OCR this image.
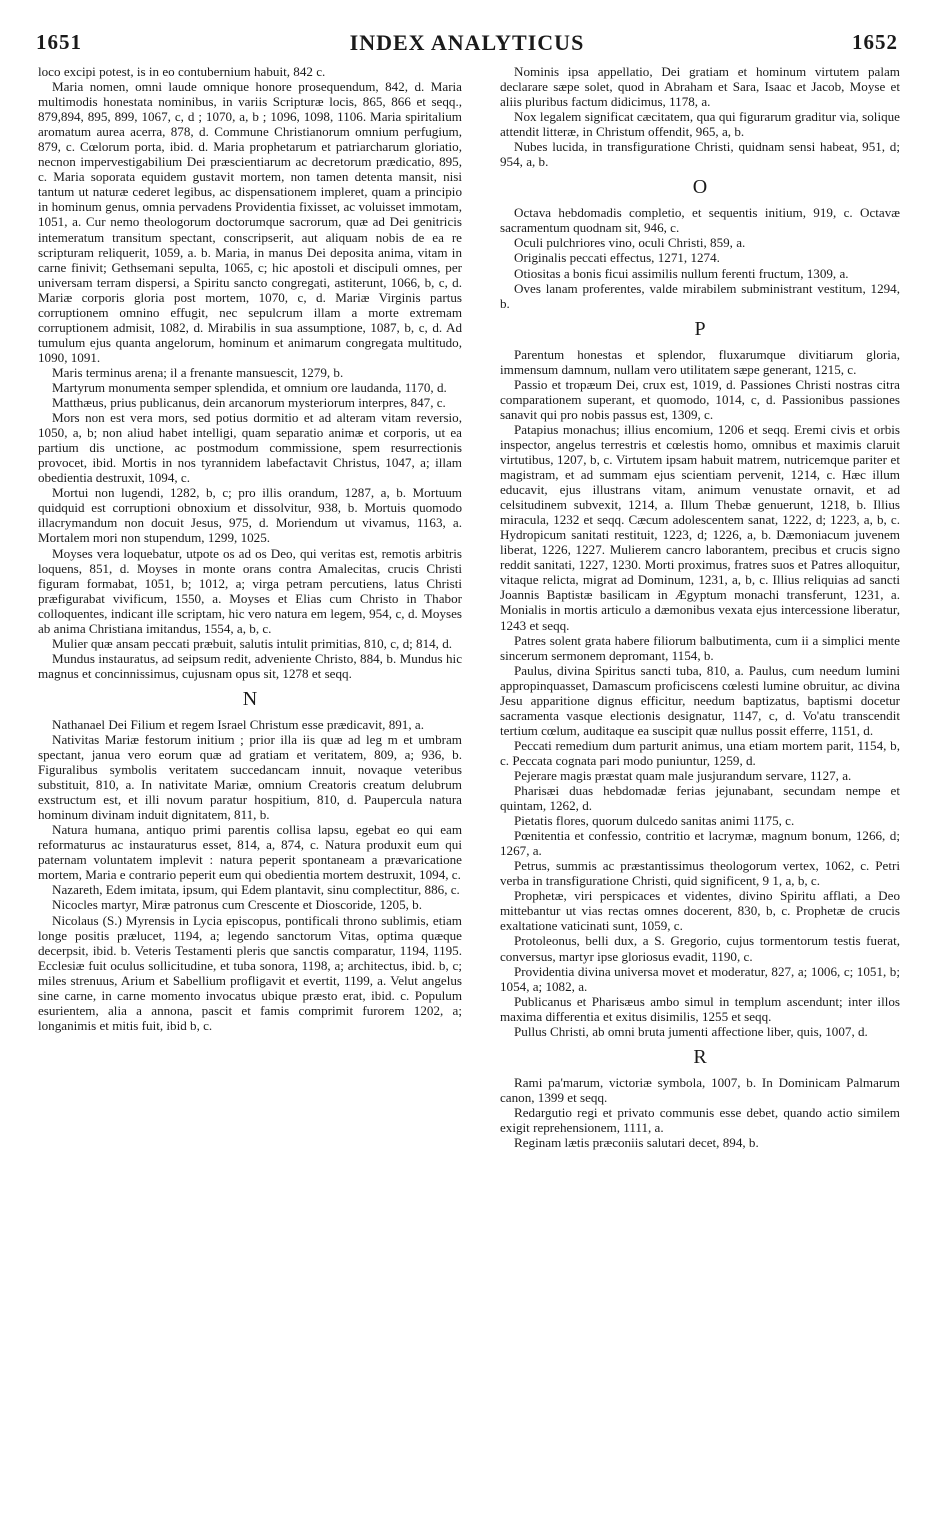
1651	INDEX ANALYTICUS	1652

loco excipi potest, is in eo contubernium habuit, 842 c.

Maria nomen, omni laude omnique honore prosequendum, 842, d. Maria multimodis honestata nominibus, in variis Scripturæ locis, 865, 866 et seqq., 879,894, 895, 899, 1067, c, d ; 1070, a, b ; 1096, 1098, 1106. Maria spiritalium aromatum aurea acerra, 878, d. Commune Christianorum omnium perfugium, 879, c. Cœlorum porta, ibid. d. Maria prophetarum et patriarcharum gloriatio, necnon impervestigabilium Dei præscientiarum ac decretorum prædicatio, 895, c. Maria soporata equidem gustavit mortem, non tamen detenta mansit, nisi tantum ut naturæ cederet legibus, ac dispensationem impleret, quam a principio in hominum genus, omnia pervadens Providentia fixisset, ac voluisset immotam, 1051, a. Cur nemo theologorum doctorumque sacrorum, quæ ad Dei genitricis intemeratum transitum spectant, conscripserit, aut aliquam nobis de ea re scripturam reliquerit, 1059, a. b. Maria, in manus Dei deposita anima, vitam in carne finivit; Gethsemani sepulta, 1065, c; hic apostoli et discipuli omnes, per universam terram dispersi, a Spiritu sancto congregati, astiterunt, 1066, b, c, d. Mariæ corporis gloria post mortem, 1070, c, d. Mariæ Virginis partus corruptionem omnino effugit, nec sepulcrum illam a morte extremam corruptionem admisit, 1082, d. Mirabilis in sua assumptione, 1087, b, c, d. Ad tumulum ejus quanta angelorum, hominum et animarum congregata multitudo, 1090, 1091.

Maris terminus arena; il a frenante mansuescit, 1279, b.

Martyrum monumenta semper splendida, et omnium ore laudanda, 1170, d.

Matthæus, prius publicanus, dein arcanorum mysteriorum interpres, 847, c.

Mors non est vera mors, sed potius dormitio et ad alteram vitam reversio, 1050, a, b; non aliud habet intelligi, quam separatio animæ et corporis, ut ea partium dis unctione, ac postmodum commissione, spem resurrectionis provocet, ibid. Mortis in nos tyrannidem labefactavit Christus, 1047, a; illam obedientia destruxit, 1094, c.

Mortui non lugendi, 1282, b, c; pro illis orandum, 1287, a, b. Mortuum quidquid est corruptioni obnoxium et dissolvitur, 938, b. Mortuis quomodo illacrymandum non docuit Jesus, 975, d. Moriendum ut vivamus, 1163, a. Mortalem mori non stupendum, 1299, 1025.

Moyses vera loquebatur, utpote os ad os Deo, qui veritas est, remotis arbitris loquens, 851, d. Moyses in monte orans contra Amalecitas, crucis Christi figuram formabat, 1051, b; 1012, a; virga petram percutiens, latus Christi præfigurabat vivificum, 1550, a. Moyses et Elias cum Christo in Thabor colloquentes, indicant ille scriptam, hic vero natura em legem, 954, c, d. Moyses ab anima Christiana imitandus, 1554, a, b, c.

Mulier quæ ansam peccati præbuit, salutis intulit primitias, 810, c, d; 814, d.

Mundus instauratus, ad seipsum redit, adveniente Christo, 884, b. Mundus hic magnus et concinnissimus, cujusnam opus sit, 1278 et seqq.

N

Nathanael Dei Filium et regem Israel Christum esse prædicavit, 891, a.

Nativitas Mariæ festorum initium ; prior illa iis quæ ad leg m et umbram spectant, janua vero eorum quæ ad gratiam et veritatem, 809, a; 936, b. Figuralibus symbolis veritatem succedancam innuit, novaque veteribus substituit, 810, a. In nativitate Mariæ, omnium Creatoris creatum delubrum exstructum est, et illi novum paratur hospitium, 810, d. Paupercula natura hominum divinam induit dignitatem, 811, b.

Natura humana, antiquo primi parentis collisa lapsu, egebat eo qui eam reformaturus ac instauraturus esset, 814, a, 874, c. Natura produxit eum qui paternam voluntatem implevit : natura peperit spontaneam a prævaricatione mortem, Maria e contrario peperit eum qui obedientia mortem destruxit, 1094, c.

Nazareth, Edem imitata, ipsum, qui Edem plantavit, sinu complectitur, 886, c.

Nicocles martyr, Miræ patronus cum Crescente et Dioscoride, 1205, b.

Nicolaus (S.) Myrensis in Lycia episcopus, pontificali throno sublimis, etiam longe positis prælucet, 1194, a; legendo sanctorum Vitas, optima quæque decerpsit, ibid. b. Veteris Testamenti pleris que sanctis comparatur, 1194, 1195. Ecclesiæ fuit oculus sollicitudine, et tuba sonora, 1198, a; architectus, ibid. b, c; miles strenuus, Arium et Sabellium profligavit et evertit, 1199, a. Velut angelus sine carne, in carne momento invocatus ubique præsto erat, ibid. c. Populum esurientem, alia a annona, pascit et famis comprimit furorem 1202, a; longanimis et mitis fuit, ibid b, c.

Nominis ipsa appellatio, Dei gratiam et hominum virtutem palam declarare sæpe solet, quod in Abraham et Sara, Isaac et Jacob, Moyse et aliis pluribus factum didicimus, 1178, a.

Nox legalem significat cæcitatem, qua qui figurarum graditur via, solique attendit litteræ, in Christum offendit, 965, a, b.

Nubes lucida, in transfiguratione Christi, quidnam sensi habeat, 951, d; 954, a, b.

O

Octava hebdomadis completio, et sequentis initium, 919, c. Octavæ sacramentum quodnam sit, 946, c.

Oculi pulchriores vino, oculi Christi, 859, a.

Originalis peccati effectus, 1271, 1274.

Otiositas a bonis ficui assimilis nullum ferenti fructum, 1309, a.

Oves lanam proferentes, valde mirabilem subministrant vestitum, 1294, b.

P

Parentum honestas et splendor, fluxarumque divitiarum gloria, immensum damnum, nullam vero utilitatem sæpe generant, 1215, c.

Passio et tropæum Dei, crux est, 1019, d. Passiones Christi nostras citra comparationem superant, et quomodo, 1014, c, d. Passionibus passiones sanavit qui pro nobis passus est, 1309, c.

Patapius monachus; illius encomium, 1206 et seqq. Eremi civis et orbis inspector, angelus terrestris et cœlestis homo, omnibus et maximis claruit virtutibus, 1207, b, c. Virtutem ipsam habuit matrem, nutricemque pariter et magistram, et ad summam ejus scientiam pervenit, 1214, c. Hæc illum educavit, ejus illustrans vitam, animum venustate ornavit, et ad celsitudinem subvexit, 1214, a. Illum Thebæ genuerunt, 1218, b. Illius miracula, 1232 et seqq. Cæcum adolescentem sanat, 1222, d; 1223, a, b, c. Hydropicum sanitati restituit, 1223, d; 1226, a, b. Dæmoniacum juvenem liberat, 1226, 1227. Mulierem cancro laborantem, precibus et crucis signo reddit sanitati, 1227, 1230. Morti proximus, fratres suos et Patres alloquitur, vitaque relicta, migrat ad Dominum, 1231, a, b, c. Illius reliquias ad sancti Joannis Baptistæ basilicam in Ægyptum monachi transferunt, 1231, a. Monialis in mortis articulo a dæmonibus vexata ejus intercessione liberatur, 1243 et seqq.

Patres solent grata habere filiorum balbutimenta, cum ii a simplici mente sincerum sermonem depromant, 1154, b.

Paulus, divina Spiritus sancti tuba, 810, a. Paulus, cum needum lumini appropinquasset, Damascum proficiscens cœlesti lumine obruitur, ac divina Jesu apparitione dignus efficitur, needum baptizatus, baptismi docetur sacramenta vasque electionis designatur, 1147, c, d. Vo'atu transcendit tertium cœlum, auditaque ea suscipit quæ nullus possit efferre, 1151, d.

Peccati remedium dum parturit animus, una etiam mortem parit, 1154, b, c. Peccata cognata pari modo puniuntur, 1259, d.

Pejerare magis præstat quam male jusjurandum servare, 1127, a.

Pharisæi duas hebdomadæ ferias jejunabant, secundam nempe et quintam, 1262, d.

Pietatis flores, quorum dulcedo sanitas animi 1175, c.

Pœnitentia et confessio, contritio et lacrymæ, magnum bonum, 1266, d; 1267, a.

Petrus, summis ac præstantissimus theologorum vertex, 1062, c. Petri verba in transfiguratione Christi, quid significent, 9 1, a, b, c.

Prophetæ, viri perspicaces et videntes, divino Spiritu afflati, a Deo mittebantur ut vias rectas omnes docerent, 830, b, c. Prophetæ de crucis exaltatione vaticinati sunt, 1059, c.

Protoleonus, belli dux, a S. Gregorio, cujus tormentorum testis fuerat, conversus, martyr ipse gloriosus evadit, 1190, c.

Providentia divina universa movet et moderatur, 827, a; 1006, c; 1051, b; 1054, a; 1082, a.

Publicanus et Pharisæus ambo simul in templum ascendunt; inter illos maxima differentia et exitus disimilis, 1255 et seqq.

Pullus Christi, ab omni bruta jumenti affectione liber, quis, 1007, d.

R

Rami pa'marum, victoriæ symbola, 1007, b. In Dominicam Palmarum canon, 1399 et seqq.

Redargutio regi et privato communis esse debet, quando actio similem exigit reprehensionem, 1111, a.

Reginam lætis præconiis salutari decet, 894, b.
